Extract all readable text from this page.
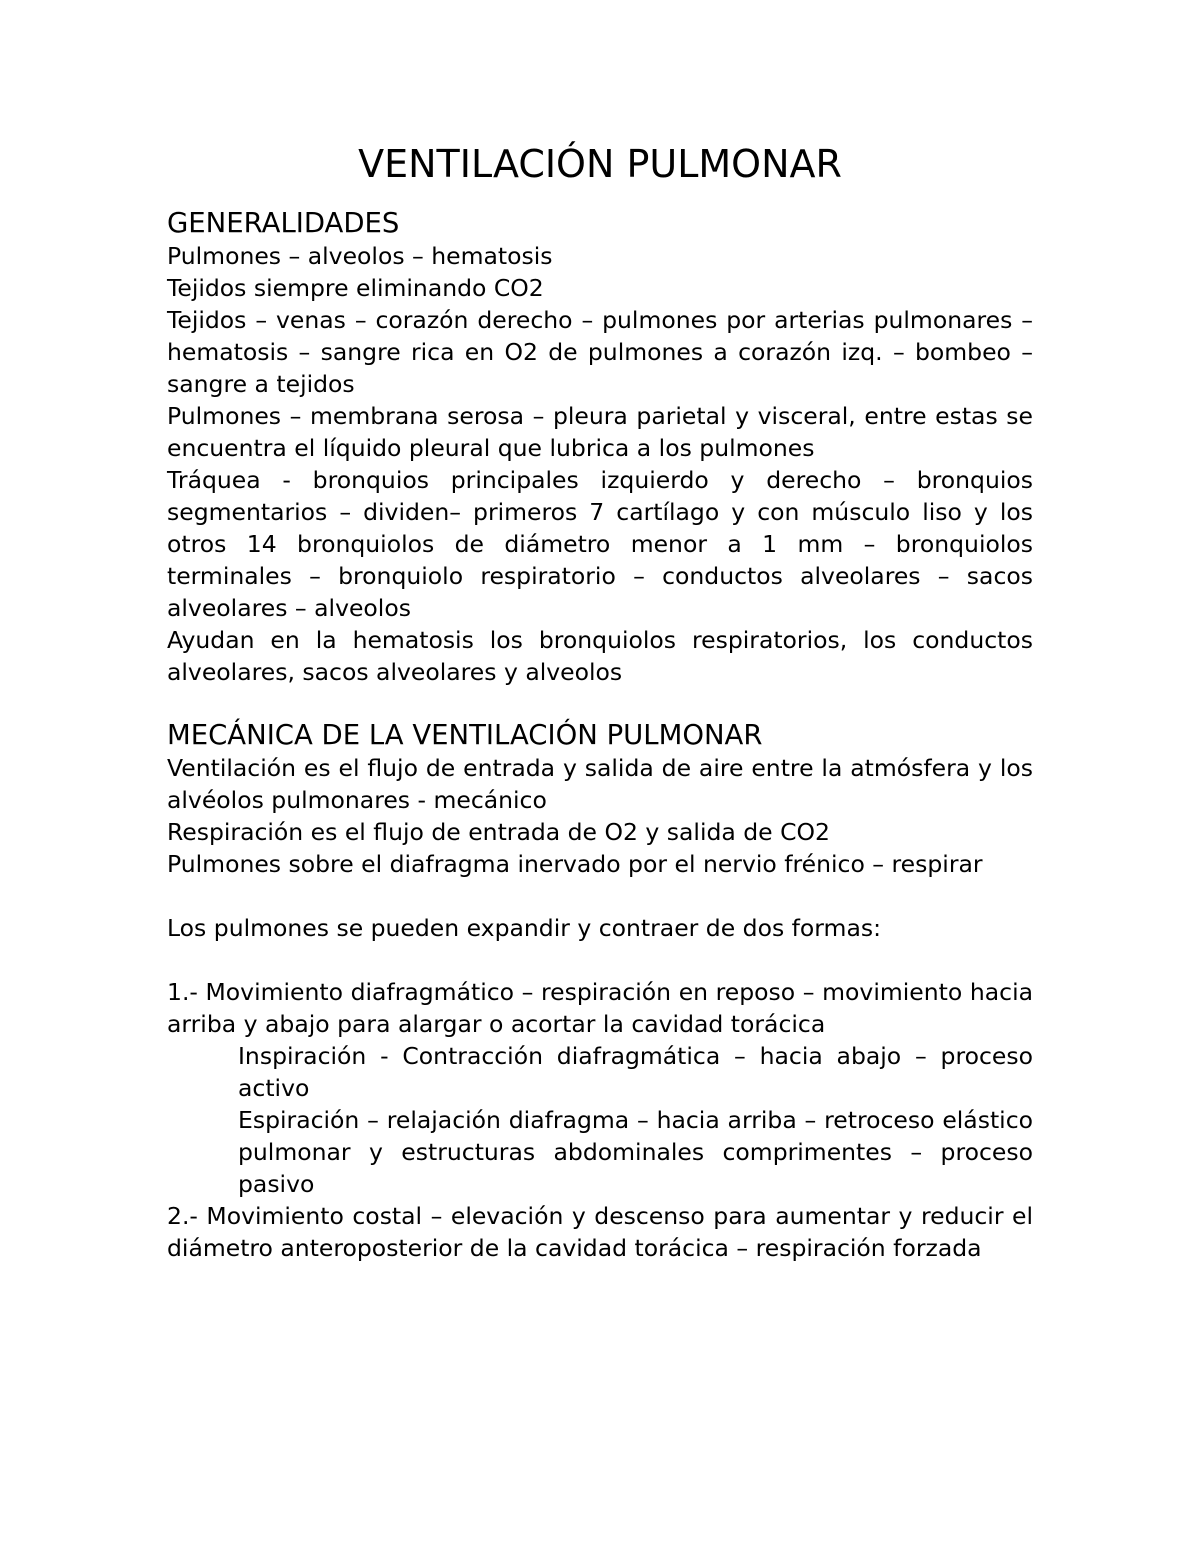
VENTILACIÓN PULMONAR
GENERALIDADES

Pulmones – alveolos – hematosis

Tejidos siempre eliminando CO2

Tejidos – venas – corazón derecho – pulmones por arterias pulmonares – hematosis – sangre rica en O2 de pulmones a corazón izq. – bombeo – sangre a tejidos

Pulmones – membrana serosa – pleura parietal y visceral, entre estas se encuentra el líquido pleural que lubrica a los pulmones

Tráquea - bronquios principales izquierdo y derecho – bronquios segmentarios – dividen– primeros 7 cartílago y con músculo liso y los otros 14 bronquiolos de diámetro menor a 1 mm – bronquiolos terminales – bronquiolo respiratorio – conductos alveolares – sacos alveolares – alveolos

Ayudan en la hematosis los bronquiolos respiratorios, los conductos alveolares, sacos alveolares y alveolos

MECÁNICA DE LA VENTILACIÓN PULMONAR

Ventilación es el flujo de entrada y salida de aire entre la atmósfera y los alvéolos pulmonares - mecánico

Respiración es el flujo de entrada de O2 y salida de CO2

Pulmones sobre el diafragma inervado por el nervio frénico – respirar

Los pulmones se pueden expandir y contraer de dos formas:

1.- Movimiento diafragmático – respiración en reposo – movimiento hacia arriba y abajo para alargar o acortar la cavidad torácica

Inspiración - Contracción diafragmática – hacia abajo – proceso activo

Espiración – relajación diafragma – hacia arriba – retroceso elástico pulmonar y estructuras abdominales comprimentes – proceso pasivo

2.- Movimiento costal – elevación y descenso para aumentar y reducir el diámetro anteroposterior de la cavidad torácica – respiración forzada
